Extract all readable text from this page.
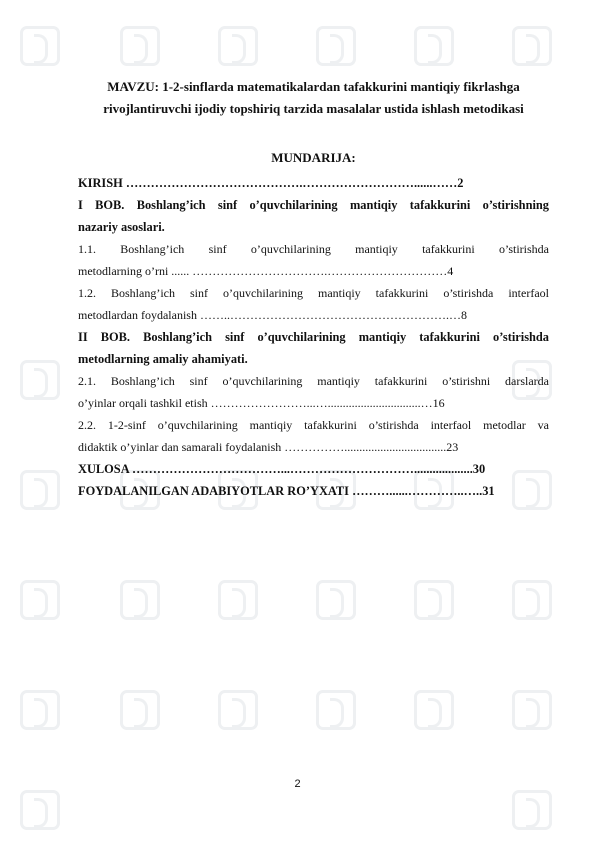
MAVZU: 1-2-sinflarda matematikalardan tafakkurini mantiqiy fikrlashga
rivojlantiruvchi ijodiy topshiriq tarzida masalalar ustida ishlash metodikasi
MUNDARIJA:
KIRISH …………………………………….………………………......……2
I BOB. Boshlang’ich sinf o’quvchilarining mantiqiy tafakkurini o’stirishning
nazariy asoslari.
1.1. Boshlang’ich sinf o’quvchilarining mantiqiy tafakkurini o’stirishda
metodlarning o’rni ...... …………………………….…………………………4
1.2. Boshlang’ich sinf o’quvchilarining mantiqiy tafakkurini o’stirishda interfaol
metodlardan foydalanish ……..……………………………………………….…8
II BOB. Boshlang’ich sinf o’quvchilarining mantiqiy tafakkurini o’stirishda
metodlarning amaliy ahamiyati.
2.1. Boshlang’ich sinf o’quvchilarining mantiqiy tafakkurini o’stirishni darslarda
o’yinlar orqali tashkil etish ……………………...…...............................…16
2.2. 1-2-sinf o’quvchilarining mantiqiy tafakkurini o’stirishda interfaol metodlar va
didaktik o’yinlar dan samarali foydalanish ……………..................................23
XULOSA ………………………………...…………………………...................30
FOYDALANILGAN ADABIYOTLAR RO’YXATI ………......…………..…..31
2
